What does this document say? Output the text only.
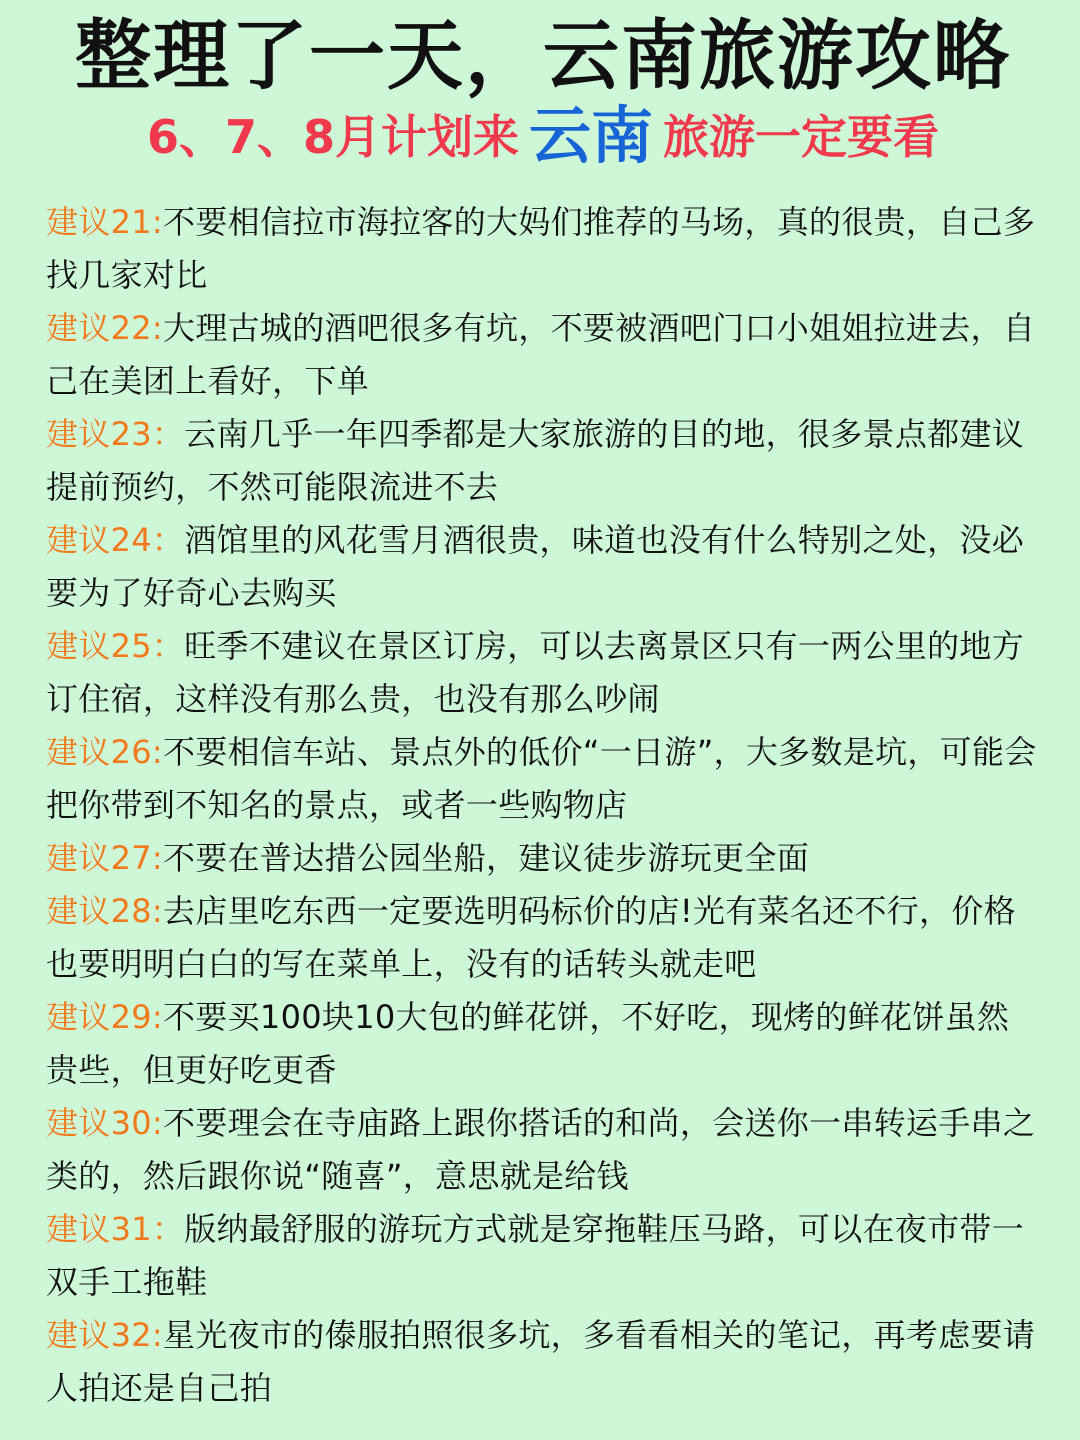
整理了一天，云南旅游攻略
6、7、8月计划来 云南 旅游一定要看
建议21:不要相信拉市海拉客的大妈们推荐的马场，真的很贵，自己多找几家对比
建议22:大理古城的酒吧很多有坑，不要被酒吧门口小姐姐拉进去，自己在美团上看好，下单
建议23：云南几乎一年四季都是大家旅游的目的地，很多景点都建议提前预约，不然可能限流进不去
建议24：酒馆里的风花雪月酒很贵，味道也没有什么特别之处，没必要为了好奇心去购买
建议25：旺季不建议在景区订房，可以去离景区只有一两公里的地方订住宿，这样没有那么贵，也没有那么吵闹
建议26:不要相信车站、景点外的低价“一日游”，大多数是坑，可能会把你带到不知名的景点，或者一些购物店
建议27:不要在普达措公园坐船，建议徒步游玩更全面
建议28:去店里吃东西一定要选明码标价的店!光有菜名还不行，价格也要明明白白的写在菜单上，没有的话转头就走吧
建议29:不要买100块10大包的鲜花饼，不好吃，现烤的鲜花饼虽然贵些，但更好吃更香
建议30:不要理会在寺庙路上跟你搭话的和尚，会送你一串转运手串之类的，然后跟你说“随喜”，意思就是给钱
建议31：版纳最舒服的游玩方式就是穿拖鞋压马路，可以在夜市带一双手工拖鞋
建议32:星光夜市的傣服拍照很多坑，多看看相关的笔记，再考虑要请人拍还是自己拍
